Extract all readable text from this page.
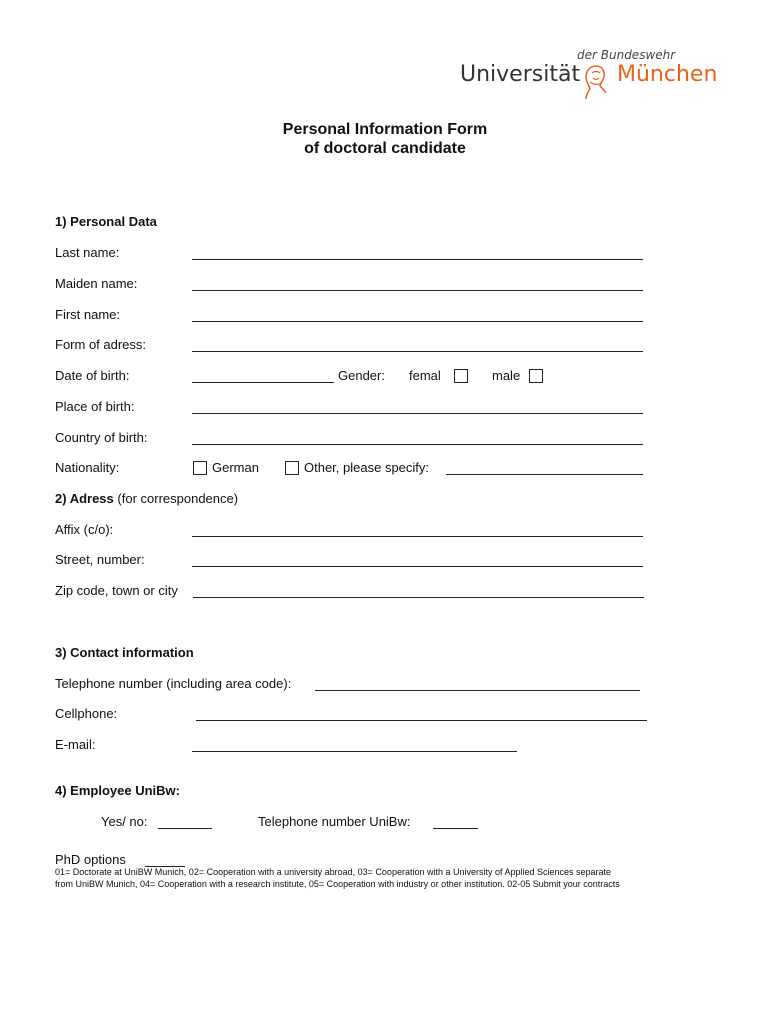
der Bundeswehr
Universität München
Personal Information Form
of doctoral candidate
1) Personal Data
Last name:
Maiden name:
First name:
Form of adress:
Date of birth:	Gender: femal	male
Place of birth:
Country of birth:
Nationality:	German	Other, please specify:
2) Adress (for correspondence)
Affix (c/o):
Street, number:
Zip code, town or city
3) Contact information
Telephone number (including area code):
Cellphone:
E-mail:
4) Employee UniBw:
Yes/ no:	Telephone number UniBw:
PhD options
01= Doctorate at UniBW Munich, 02= Cooperation with a university abroad, 03= Cooperation with a University of Applied Sciences separate
from UniBW Munich, 04= Cooperation with a research institute, 05= Cooperation with industry or other institution. 02-05 Submit your contracts
